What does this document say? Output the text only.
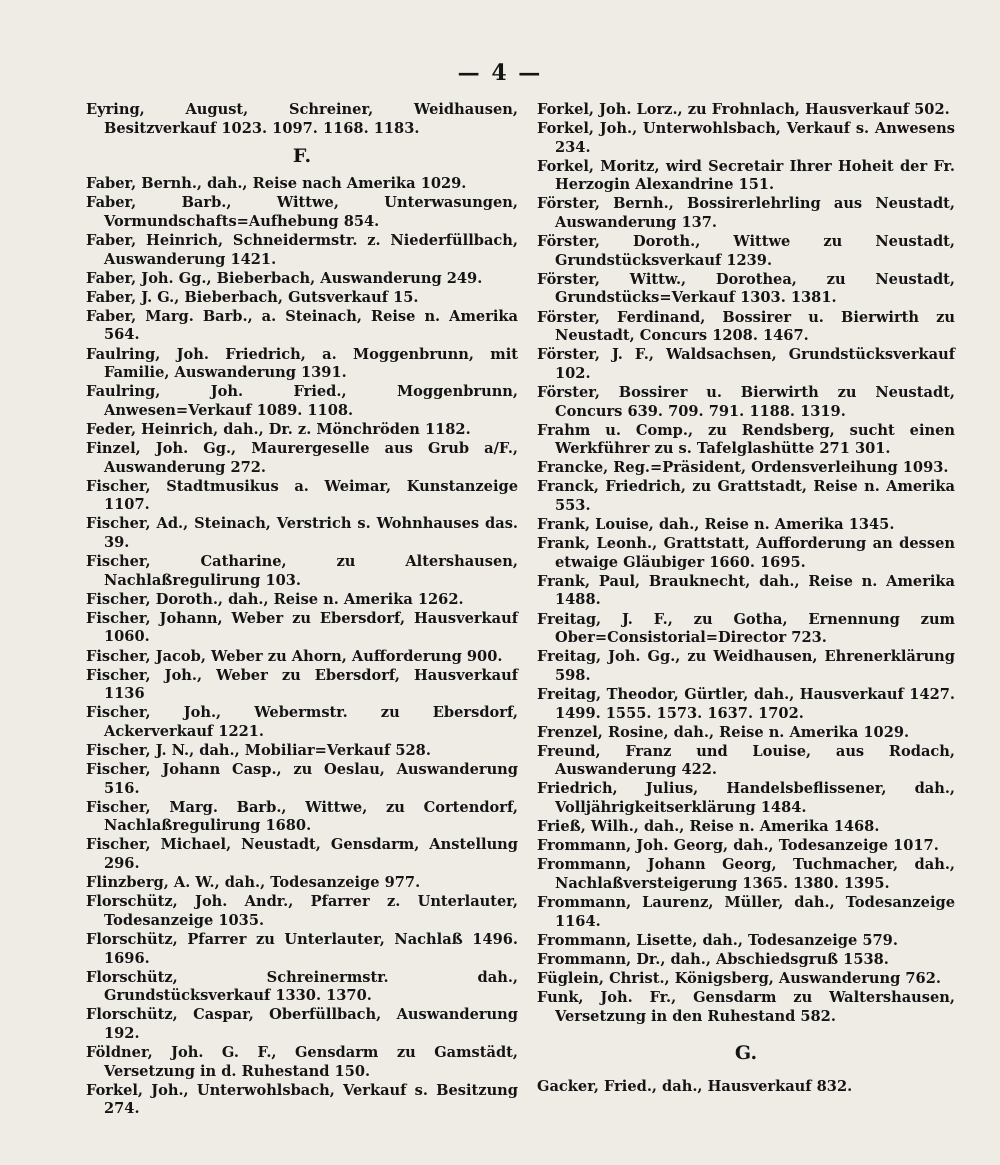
— 4 —

Eyring, August, Schreiner, Weidhausen, Besitzverkauf 1023. 1097. 1168. 1183.

F.

Faber, Bernh., dah., Reise nach Amerika 1029.

Faber, Barb., Wittwe, Unterwasungen, Vormundschafts=Aufhebung 854.

Faber, Heinrich, Schneidermstr. z. Niederfüllbach, Auswanderung 1421.

Faber, Joh. Gg., Bieberbach, Auswanderung 249.

Faber, J. G., Bieberbach, Gutsverkauf 15.

Faber, Marg. Barb., a. Steinach, Reise n. Amerika 564.

Faulring, Joh. Friedrich, a. Moggenbrunn, mit Familie, Auswanderung 1391.

Faulring, Joh. Fried., Moggenbrunn, Anwesen=Verkauf 1089. 1108.

Feder, Heinrich, dah., Dr. z. Mönchröden 1182.

Finzel, Joh. Gg., Maurergeselle aus Grub a/F., Auswanderung 272.

Fischer, Stadtmusikus a. Weimar, Kunstanzeige 1107.

Fischer, Ad., Steinach, Verstrich s. Wohnhauses das. 39.

Fischer, Catharine, zu Altershausen, Nachlaßregulirung 103.

Fischer, Doroth., dah., Reise n. Amerika 1262.

Fischer, Johann, Weber zu Ebersdorf, Hausverkauf 1060.

Fischer, Jacob, Weber zu Ahorn, Aufforderung 900.

Fischer, Joh., Weber zu Ebersdorf, Hausverkauf 1136

Fischer, Joh., Webermstr. zu Ebersdorf, Ackerverkauf 1221.

Fischer, J. N., dah., Mobiliar=Verkauf 528.

Fischer, Johann Casp., zu Oeslau, Auswanderung 516.

Fischer, Marg. Barb., Wittwe, zu Cortendorf, Nachlaßregulirung 1680.

Fischer, Michael, Neustadt, Gensdarm, Anstellung 296.

Flinzberg, A. W., dah., Todesanzeige 977.

Florschütz, Joh. Andr., Pfarrer z. Unterlauter, Todesanzeige 1035.

Florschütz, Pfarrer zu Unterlauter, Nachlaß 1496. 1696.

Florschütz, Schreinermstr. dah., Grundstücksverkauf 1330. 1370.

Florschütz, Caspar, Oberfüllbach, Auswanderung 192.

Földner, Joh. G. F., Gensdarm zu Gamstädt, Versetzung in d. Ruhestand 150.

Forkel, Joh., Unterwohlsbach, Verkauf s. Besitzung 274.

Forkel, Joh. Lorz., zu Frohnlach, Hausverkauf 502.

Forkel, Joh., Unterwohlsbach, Verkauf s. Anwesens 234.

Forkel, Moritz, wird Secretair Ihrer Hoheit der Fr. Herzogin Alexandrine 151.

Förster, Bernh., Bossirerlehrling aus Neustadt, Auswanderung 137.

Förster, Doroth., Wittwe zu Neustadt, Grundstücksverkauf 1239.

Förster, Wittw., Dorothea, zu Neustadt, Grundstücks=Verkauf 1303. 1381.

Förster, Ferdinand, Bossirer u. Bierwirth zu Neustadt, Concurs 1208. 1467.

Förster, J. F., Waldsachsen, Grundstücksverkauf 102.

Förster, Bossirer u. Bierwirth zu Neustadt, Concurs 639. 709. 791. 1188. 1319.

Frahm u. Comp., zu Rendsberg, sucht einen Werkführer zu s. Tafelglashütte 271 301.

Francke, Reg.=Präsident, Ordensverleihung 1093.

Franck, Friedrich, zu Grattstadt, Reise n. Amerika 553.

Frank, Louise, dah., Reise n. Amerika 1345.

Frank, Leonh., Grattstatt, Aufforderung an dessen etwaige Gläubiger 1660. 1695.

Frank, Paul, Brauknecht, dah., Reise n. Amerika 1488.

Freitag, J. F., zu Gotha, Ernennung zum Ober=Consistorial=Director 723.

Freitag, Joh. Gg., zu Weidhausen, Ehrenerklärung 598.

Freitag, Theodor, Gürtler, dah., Hausverkauf 1427. 1499. 1555. 1573. 1637. 1702.

Frenzel, Rosine, dah., Reise n. Amerika 1029.

Freund, Franz und Louise, aus Rodach, Auswanderung 422.

Friedrich, Julius, Handelsbeflissener, dah., Volljährigkeitserklärung 1484.

Frieß, Wilh., dah., Reise n. Amerika 1468.

Frommann, Joh. Georg, dah., Todesanzeige 1017.

Frommann, Johann Georg, Tuchmacher, dah., Nachlaßversteigerung 1365. 1380. 1395.

Frommann, Laurenz, Müller, dah., Todesanzeige 1164.

Frommann, Lisette, dah., Todesanzeige 579.

Frommann, Dr., dah., Abschiedsgruß 1538.

Füglein, Christ., Königsberg, Auswanderung 762.

Funk, Joh. Fr., Gensdarm zu Waltershausen, Versetzung in den Ruhestand 582.

G.

Gacker, Fried., dah., Hausverkauf 832.
